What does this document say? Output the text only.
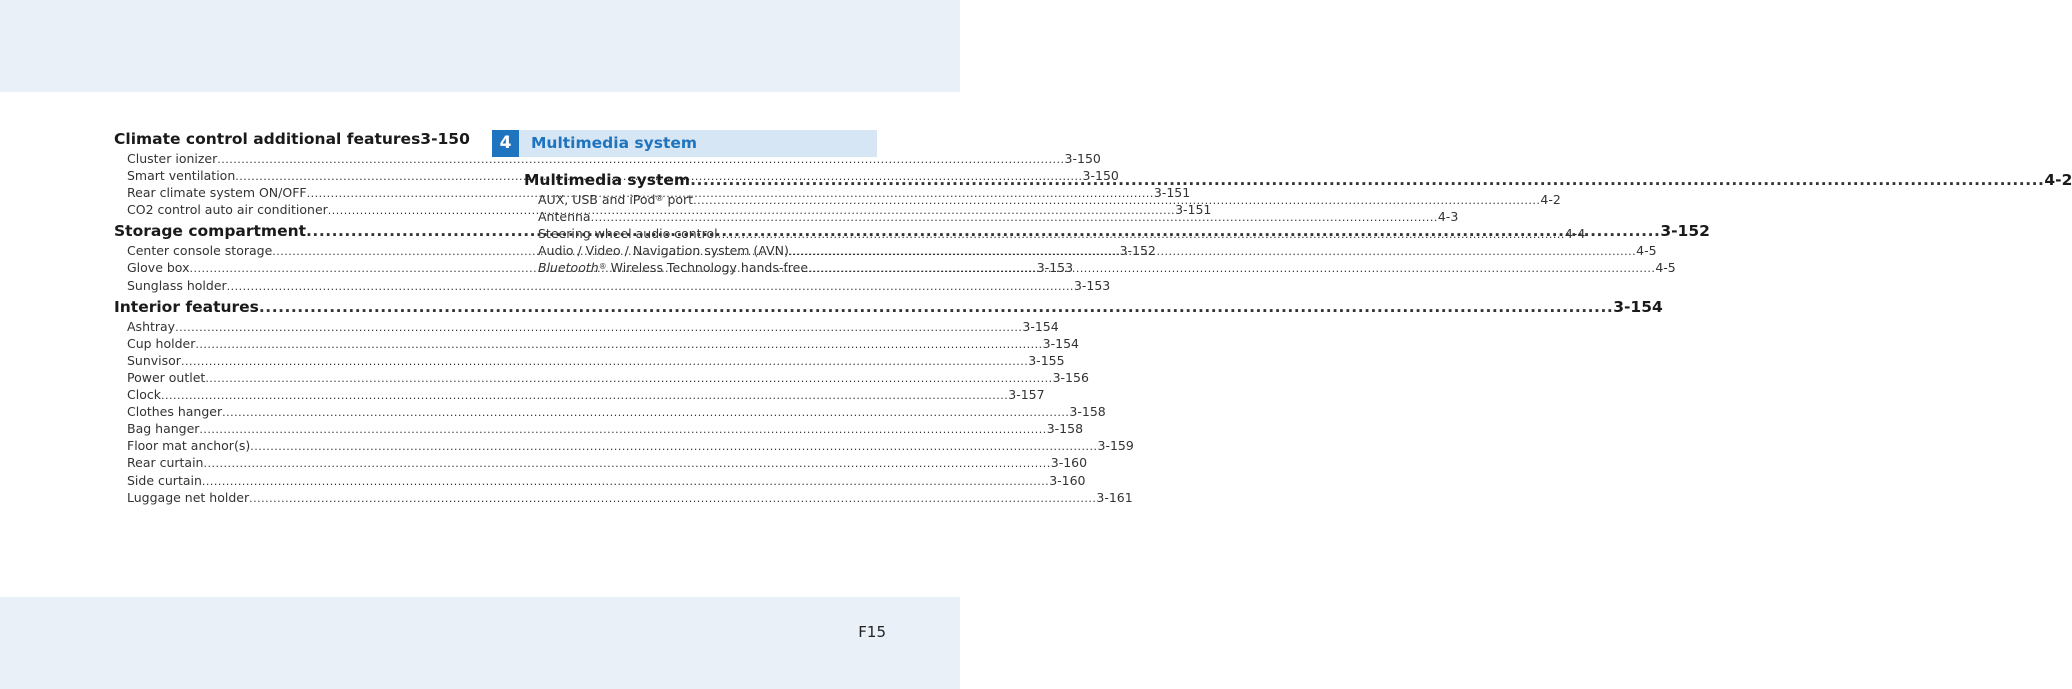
Climate control additional features 3-150
Cluster ionizer .....	3-150
Smart ventilation .....	3-150
Rear climate system ON/OFF .....	3-151
CO2 control auto air conditioner .....	3-151
Storage compartment .....	3-152
Center console storage .....	3-152
Glove box .....	3-153
Sunglass holder .....	3-153
Interior features .....	3-154
Ashtray .....	3-154
Cup holder .....	3-154
Sunvisor .....	3-155
Power outlet .....	3-156
Clock .....	3-157
Clothes hanger .....	3-158
Bag hanger .....	3-158
Floor mat anchor(s) .....	3-159
Rear curtain .....	3-160
Side curtain .....	3-160
Luggage net holder .....	3-161
4	Multimedia system
Multimedia system .....	4-2
AUX, USB and iPod® port .....	4-2
Antenna .....	4-3
Steering wheel audio control .....	4-4
Audio / Video / Navigation system (AVN) .....	4-5
Bluetooth® Wireless Technology hands-free .....	4-5
F15
